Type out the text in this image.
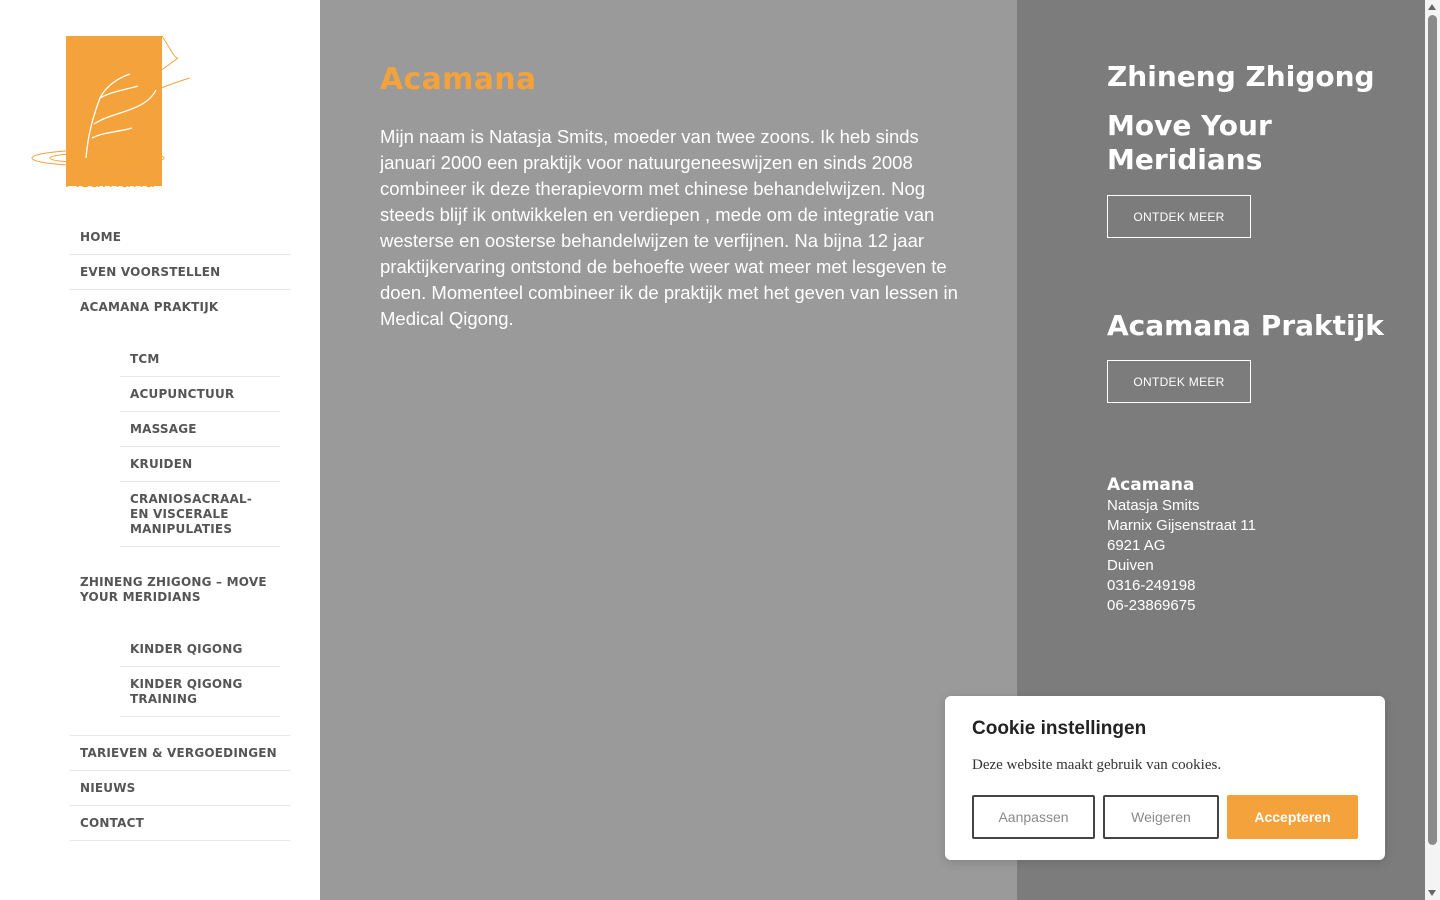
Acamana
HOME
EVEN VOORSTELLEN
ACAMANA PRAKTIJK
TCM
ACUPUNCTUUR
MASSAGE
KRUIDEN
CRANIOSACRAAL- EN VISCERALE MANIPULATIES
ZHINENG ZHIGONG – MOVE YOUR MERIDIANS
KINDER QIGONG
KINDER QIGONG TRAINING
TARIEVEN & VERGOEDINGEN
NIEUWS
CONTACT
Acamana

Mijn naam is Natasja Smits, moeder van twee zoons. Ik heb sinds januari 2000 een praktijk voor natuurgeneeswijzen en sinds 2008 combineer ik deze therapievorm met chinese behandelwijzen. Nog steeds blijf ik ontwikkelen en verdiepen , mede om de integratie van westerse en oosterse behandelwijzen te verfijnen. Na bijna 12 jaar praktijkervaring ontstond de behoefte weer wat meer met lesgeven te doen. Momenteel combineer ik de praktijk met het geven van lessen in Medical Qigong.

Zhineng Zhigong
Move Your Meridians
ONTDEK MEER
Acamana Praktijk
ONTDEK MEER
Acamana
Natasja Smits
Marnix Gijsenstraat 11
6921 AG
Duiven
0316-249198
06-23869675
Cookie instellingen
Deze website maakt gebruik van cookies.
Aanpassen	Weigeren	Accepteren
